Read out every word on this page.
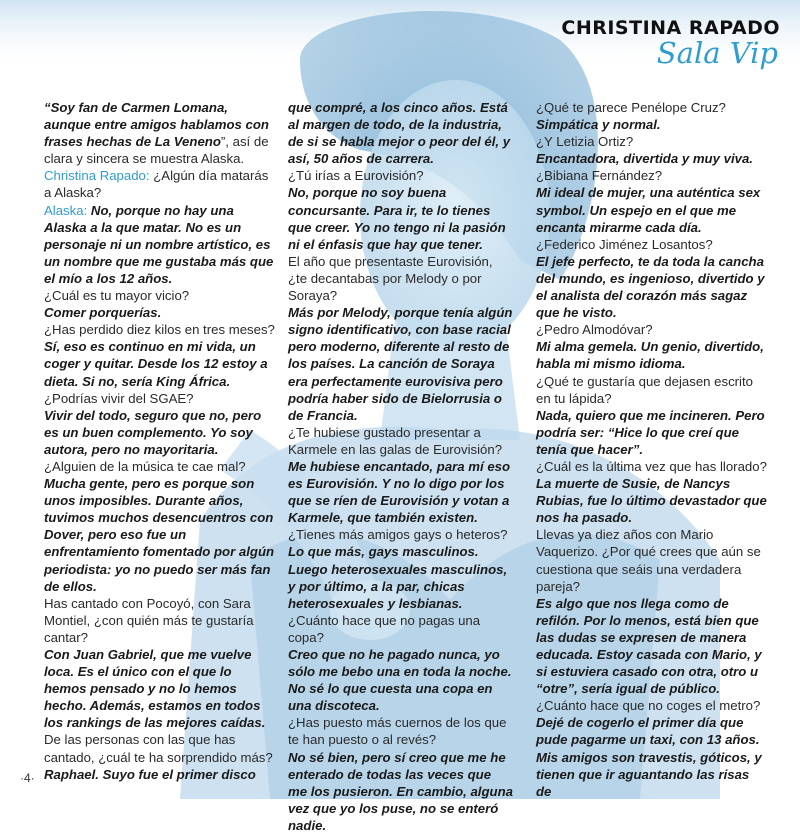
CHRISTINA RAPADO
Sala Vip

“Soy fan de Carmen Lomana, aunque entre amigos hablamos con frases hechas de La Veneno”, así de clara y sincera se muestra Alaska.

Christina Rapado: ¿Algún día matarás a Alaska?

Alaska: No, porque no hay una Alaska a la que matar. No es un personaje ni un nombre artístico, es un nombre que me gustaba más que el mío a los 12 años.

¿Cuál es tu mayor vicio?

Comer porquerías.

¿Has perdido diez kilos en tres meses?

Sí, eso es continuo en mi vida, un coger y quitar. Desde los 12 estoy a dieta. Si no, sería King África.

¿Podrías vivir del SGAE?

Vivir del todo, seguro que no, pero es un buen complemento. Yo soy autora, pero no mayoritaria.

¿Alguien de la música te cae mal?

Mucha gente, pero es porque son unos imposibles. Durante años, tuvimos muchos desencuentros con Dover, pero eso fue un enfrentamiento fomentado por algún periodista: yo no puedo ser más fan de ellos.

Has cantado con Pocoyó, con Sara Montiel, ¿con quién más te gustaría cantar?

Con Juan Gabriel, que me vuelve loca. Es el único con el que lo hemos pensado y no lo hemos hecho. Además, estamos en todos los rankings de las mejores caídas.

De las personas con las que has cantado, ¿cuál te ha sorprendido más?

Raphael. Suyo fue el primer disco

que compré, a los cinco años. Está al margen de todo, de la industria, de si se habla mejor o peor del él, y así, 50 años de carrera.

¿Tú irías a Eurovisión?

No, porque no soy buena concursante. Para ir, te lo tienes que creer. Yo no tengo ni la pasión ni el énfasis que hay que tener.

El año que presentaste Eurovisión, ¿te decantabas por Melody o por Soraya?

Más por Melody, porque tenía algún signo identificativo, con base racial pero moderno, diferente al resto de los países. La canción de Soraya era perfectamente eurovisiva pero podría haber sido de Bielorrusia o de Francia.

¿Te hubiese gustado presentar a Karmele en las galas de Eurovisión?

Me hubiese encantado, para mí eso es Eurovisión. Y no lo digo por los que se ríen de Eurovisión y votan a Karmele, que también existen.

¿Tienes más amigos gays o heteros?

Lo que más, gays masculinos. Luego heterosexuales masculinos, y por último, a la par, chicas heterosexuales y lesbianas.

¿Cuánto hace que no pagas una copa?

Creo que no he pagado nunca, yo sólo me bebo una en toda la noche. No sé lo que cuesta una copa en una discoteca.

¿Has puesto más cuernos de los que te han puesto o al revés?

No sé bien, pero sí creo que me he enterado de todas las veces que me los pusieron. En cambio, alguna vez que yo los puse, no se enteró nadie.

¿Qué te parece Penélope Cruz?

Simpática y normal.

¿Y Letizia Ortiz?

Encantadora, divertida y muy viva.

¿Bibiana Fernández?

Mi ideal de mujer, una auténtica sex symbol. Un espejo en el que me encanta mirarme cada día.

¿Federico Jiménez Losantos?

El jefe perfecto, te da toda la cancha del mundo, es ingenioso, divertido y el analista del corazón más sagaz que he visto.

¿Pedro Almodóvar?

Mi alma gemela. Un genio, divertido, habla mi mismo idioma.

¿Qué te gustaría que dejasen escrito en tu lápida?

Nada, quiero que me incineren. Pero podría ser: “Hice lo que creí que tenía que hacer”.

¿Cuál es la última vez que has llorado?

La muerte de Susie, de Nancys Rubias, fue lo último devastador que nos ha pasado.

Llevas ya diez años con Mario Vaquerizo. ¿Por qué crees que aún se cuestiona que seáis una verdadera pareja?

Es algo que nos llega como de refilón. Por lo menos, está bien que las dudas se expresen de manera educada. Estoy casada con Mario, y si estuviera casado con otra, otro u “otre”, sería igual de público.

¿Cuánto hace que no coges el metro?

Dejé de cogerlo el primer día que pude pagarme un taxi, con 13 años. Mis amigos son travestis, góticos, y tienen que ir aguantando las risas de

·4·
